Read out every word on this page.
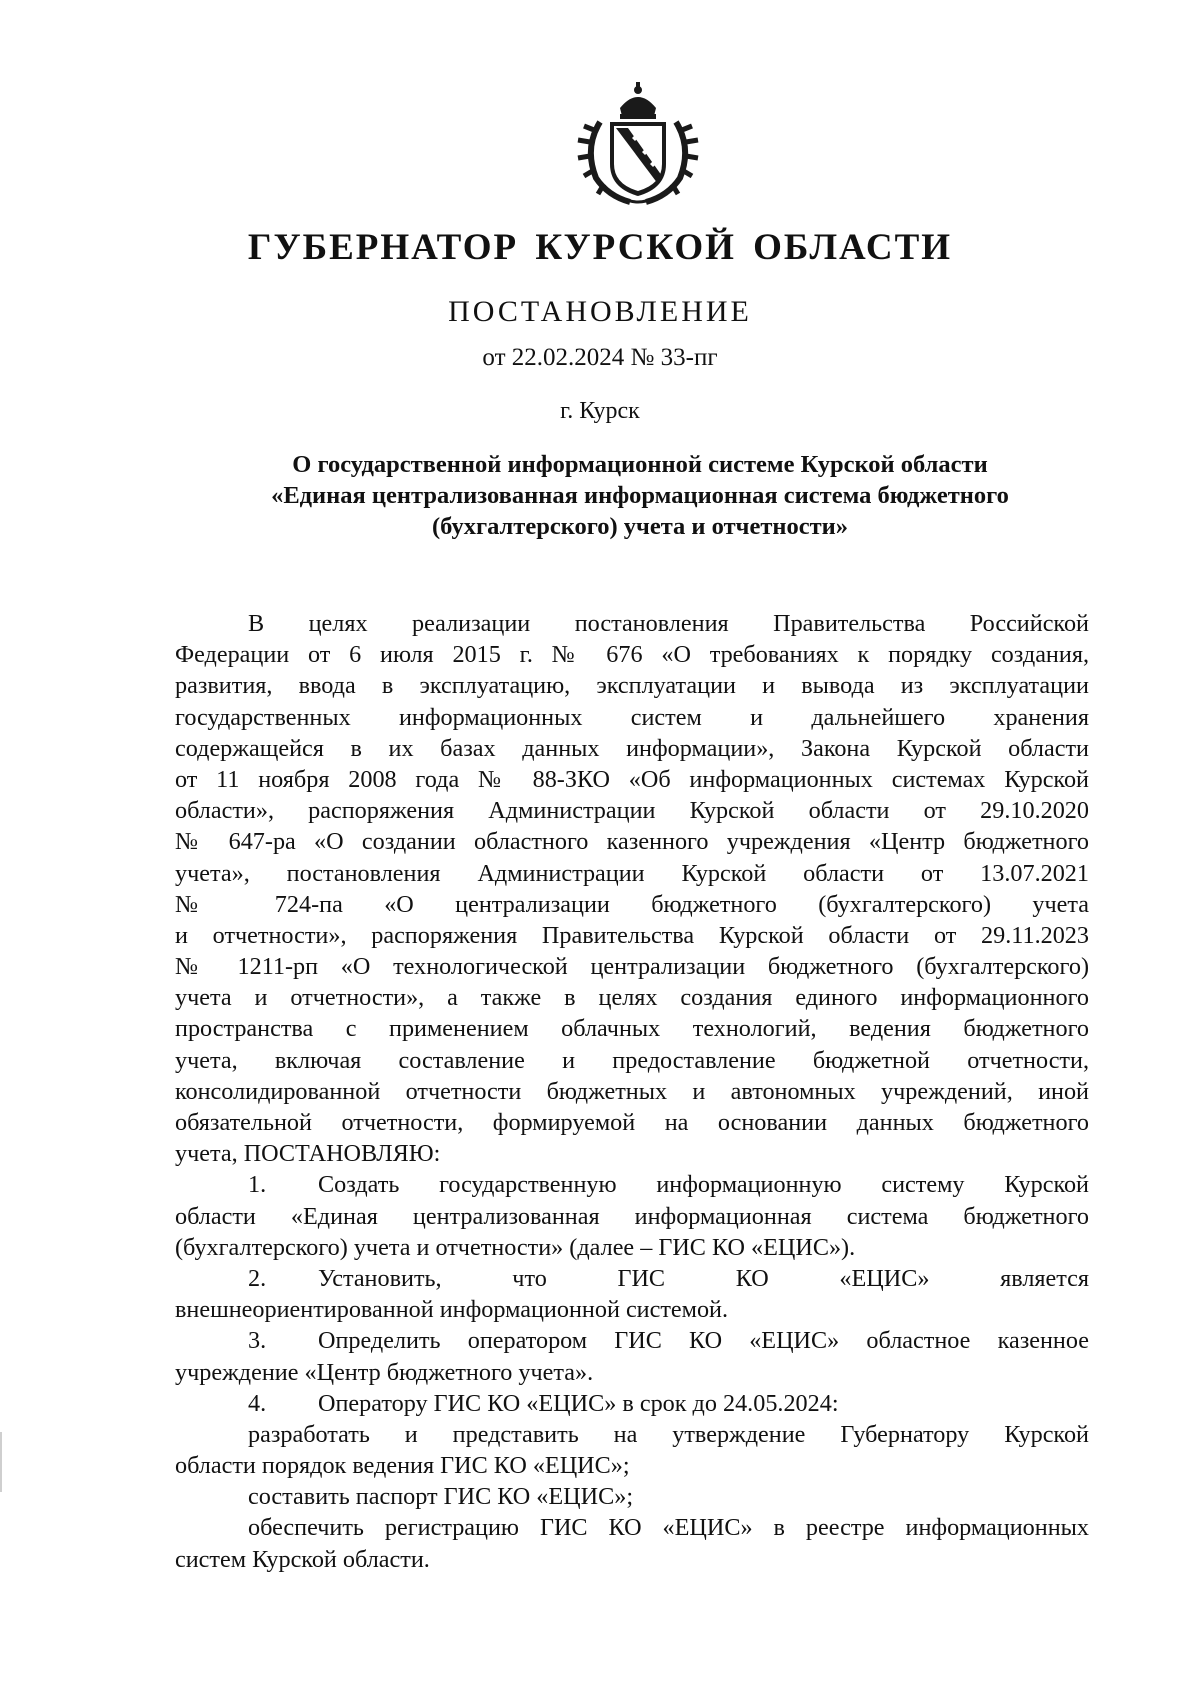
ГУБЕРНАТОР КУРСКОЙ ОБЛАСТИ
ПОСТАНОВЛЕНИЕ
от 22.02.2024 № 33-пг
г. Курск
О государственной информационной системе Курской области
«Единая централизованная информационная система бюджетного
(бухгалтерского) учета и отчетности»
В целях реализации постановления Правительства Российской
Федерации от 6 июля 2015 г. № 676 «О требованиях к порядку создания,
развития, ввода в эксплуатацию, эксплуатации и вывода из эксплуатации
государственных информационных систем и дальнейшего хранения
содержащейся в их базах данных информации», Закона Курской области
от 11 ноября 2008 года № 88-ЗКО «Об информационных системах Курской
области», распоряжения Администрации Курской области от 29.10.2020
№ 647-ра «О создании областного казенного учреждения «Центр бюджетного
учета», постановления Администрации Курской области от 13.07.2021
№ 724-па «О централизации бюджетного (бухгалтерского) учета
и отчетности», распоряжения Правительства Курской области от 29.11.2023
№ 1211-рп «О технологической централизации бюджетного (бухгалтерского)
учета и отчетности», а также в целях создания единого информационного
пространства с применением облачных технологий, ведения бюджетного
учета, включая составление и предоставление бюджетной отчетности,
консолидированной отчетности бюджетных и автономных учреждений, иной
обязательной отчетности, формируемой на основании данных бюджетного
учета, ПОСТАНОВЛЯЮ:
1. Создать государственную информационную систему Курской
области «Единая централизованная информационная система бюджетного
(бухгалтерского) учета и отчетности» (далее – ГИС КО «ЕЦИС»).
2. Установить, что ГИС КО «ЕЦИС» является
внешнеориентированной информационной системой.
3. Определить оператором ГИС КО «ЕЦИС» областное казенное
учреждение «Центр бюджетного учета».
4. Оператору ГИС КО «ЕЦИС» в срок до 24.05.2024:
разработать и представить на утверждение Губернатору Курской
области порядок ведения ГИС КО «ЕЦИС»;
составить паспорт ГИС КО «ЕЦИС»;
обеспечить регистрацию ГИС КО «ЕЦИС» в реестре информационных
систем Курской области.
